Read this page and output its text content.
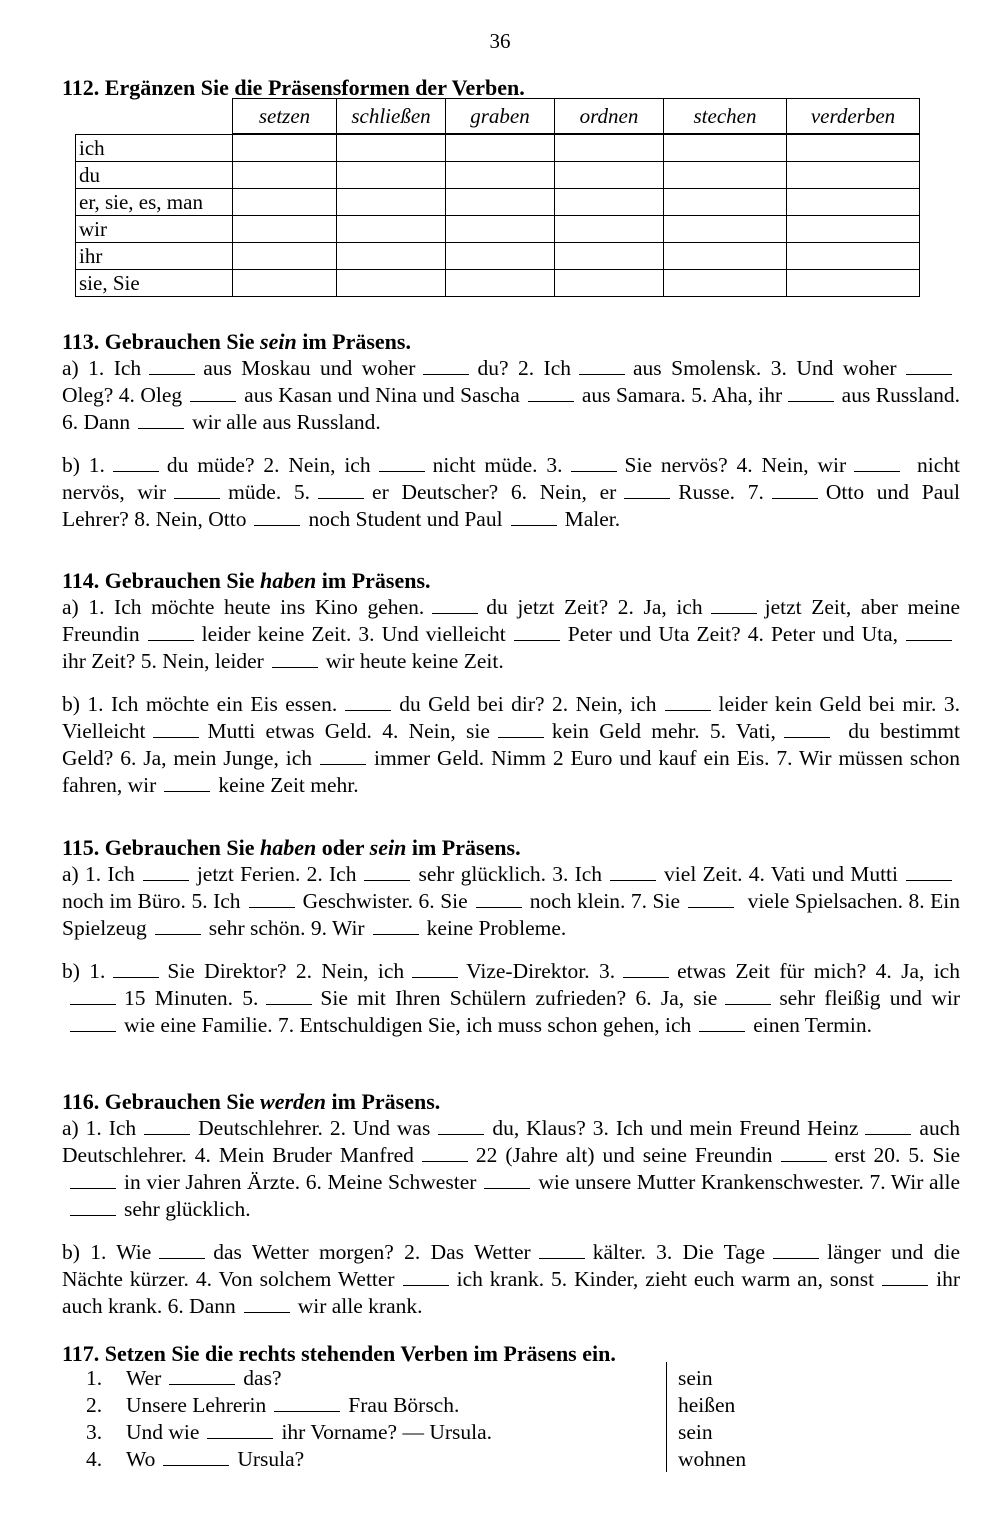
36

112. Ergänzen Sie die Präsensformen der Verben.

	setzen	schließen	graben	ordnen	stechen	verderben
ich						
du						
er, sie, es, man						
wir						
ihr						
sie, Sie						

113. Gebrauchen Sie sein im Präsens.

a) 1. Ich	aus Moskau und woher	du? 2. Ich	aus Smolensk. 3. Und woher Oleg? 4. Oleg	aus Kasan und Nina und Sascha	aus Samara. 5. Aha, ihr	aus Russland. 6. Dann	wir alle aus Russland.

b) 1.	du müde? 2. Nein, ich	nicht müde. 3.	Sie nervös? 4. Nein, wir	nicht nervös, wir	müde. 5.	er Deutscher? 6. Nein, er	Russe. 7.	Otto und Paul Lehrer? 8. Nein, Otto	noch Student und Paul	Maler.

114. Gebrauchen Sie haben im Präsens.

a) 1. Ich möchte heute ins Kino gehen.	du jetzt Zeit? 2. Ja, ich	jetzt Zeit, aber meine Freundin	leider keine Zeit. 3. Und vielleicht	Peter und Uta Zeit? 4. Peter und Uta,ihr Zeit? 5. Nein, leider	wir heute keine Zeit.

b) 1. Ich möchte ein Eis essen.	du Geld bei dir? 2. Nein, ich	leider kein Geld bei mir. 3. Vielleicht	Mutti etwas Geld. 4. Nein, sie	kein Geld mehr. 5. Vati,	du bestimmt Geld? 6. Ja, mein Junge, ich	immer Geld. Nimm 2 Euro und kauf ein Eis. 7. Wir müssen schon fahren, wir	keine Zeit mehr.

115. Gebrauchen Sie haben oder sein im Präsens.

a) 1. Ich	jetzt Ferien. 2. Ich	sehr glücklich. 3. Ich	viel Zeit. 4. Vati und Muttinoch im Büro. 5. Ich	Geschwister. 6. Sie	noch klein. 7. Sie	viele Spielsachen. 8. Ein Spielzeug	sehr schön. 9. Wir	keine Probleme.

b) 1.	Sie Direktor? 2. Nein, ich	Vize-Direktor. 3.	etwas Zeit für mich? 4. Ja, ich15 Minuten. 5.	Sie mit Ihren Schülern zufrieden? 6. Ja, sie	sehr fleißig und wirwie eine Familie. 7. Entschuldigen Sie, ich muss schon gehen, ich	einen Termin.

116. Gebrauchen Sie werden im Präsens.

a) 1. Ich	Deutschlehrer. 2. Und was	du, Klaus? 3. Ich und mein Freund Heinz	auch Deutschlehrer. 4. Mein Bruder Manfred	22 (Jahre alt) und seine Freundin	erst 20. 5. Siein vier Jahren Ärzte. 6. Meine Schwester	wie unsere Mutter Krankenschwester. 7. Wir allesehr glücklich.

b) 1. Wie	das Wetter morgen? 2. Das Wetter	kälter. 3. Die Tage	länger und die Nächte kürzer. 4. Von solchem Wetter	ich krank. 5. Kinder, zieht euch warm an, sonst	ihr auch krank. 6. Dann	wir alle krank.

117. Setzen Sie die rechts stehenden Verben im Präsens ein.

1.	Wer	das?	sein
2.	Unsere Lehrerin	Frau Börsch.	heißen
3.	Und wie	ihr Vorname? — Ursula.	sein
4.	Wo	Ursula?	wohnen
